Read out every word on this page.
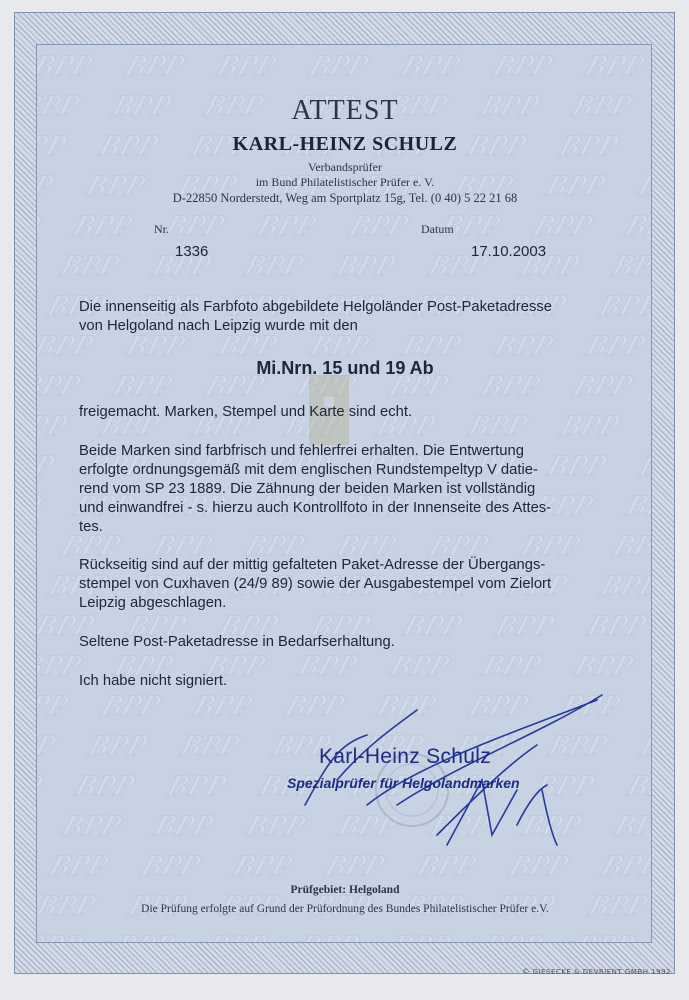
ATTEST
KARL-HEINZ SCHULZ
Verbandsprüfer
im Bund Philatelistischer Prüfer e. V.
D-22850 Norderstedt, Weg am Sportplatz 15g, Tel. (0 40) 5 22 21 68
Nr.
1336
Datum
17.10.2003
Die innenseitig als Farbfoto abgebildete Helgoländer Post-Paketadresse
von Helgoland nach Leipzig wurde mit den
Mi.Nrn. 15 und 19 Ab
freigemacht. Marken, Stempel und Karte sind echt.
Beide Marken sind farbfrisch und fehlerfrei erhalten. Die Entwertung
erfolgte ordnungsgemäß mit dem englischen Rundstempeltyp V datie-
rend vom SP 23 1889. Die Zähnung der beiden Marken ist vollständig
und einwandfrei - s. hierzu auch Kontrollfoto in der Innenseite des Attes-
tes.
Rückseitig sind auf der mittig gefalteten Paket-Adresse der Übergangs-
stempel von Cuxhaven (24/9 89) sowie der Ausgabestempel vom Zielort
Leipzig abgeschlagen.
Seltene Post-Paketadresse in Bedarfserhaltung.
Ich habe nicht signiert.
Karl-Heinz Schulz
Spezialprüfer für Helgolandmarken
Prüfgebiet: Helgoland
Die Prüfung erfolgte auf Grund der Prüfordnung des Bundes Philatelistischer Prüfer e.V.
© GIESECKE & DEVRIENT GMBH 1992
